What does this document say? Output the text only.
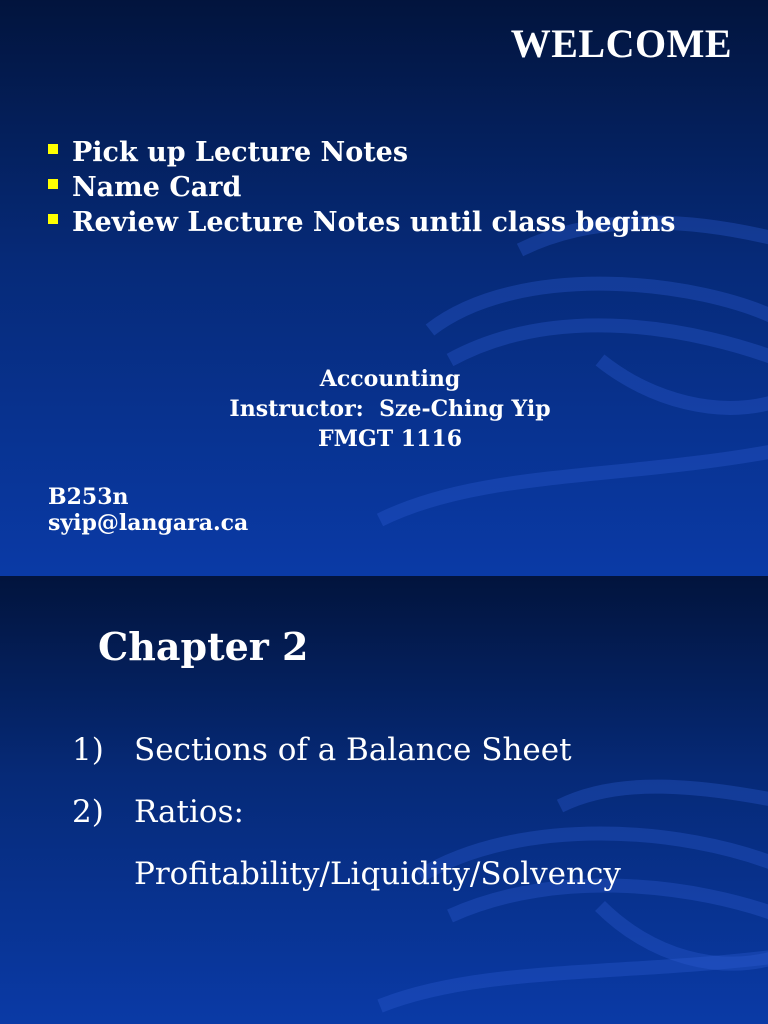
WELCOME
Pick up Lecture Notes
Name Card
Review Lecture Notes until class begins
Accounting
Instructor:  Sze-Ching Yip
FMGT 1116
B253n
syip@langara.ca
Chapter 2
1) Sections of a Balance Sheet
2) Ratios:
Profitability/Liquidity/Solvency
